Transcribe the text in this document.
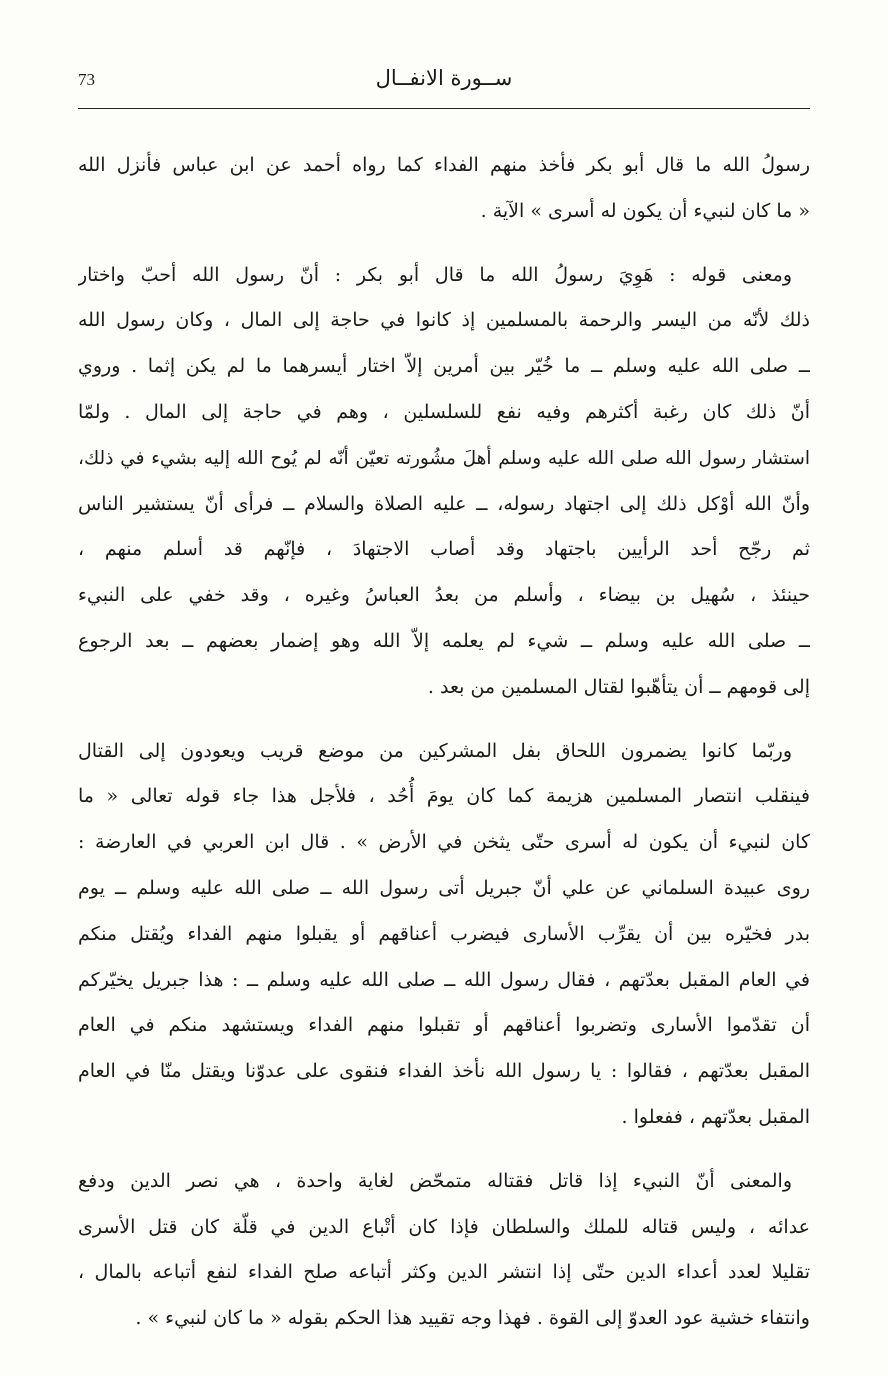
73	ســورة الانفــال
رسولُ الله ما قال أبو بكر فأخذ منهم الفداء كما رواه أحمد عن ابن عباس فأنزل الله
« ما كان لنبيء أن يكون له أسرى » الآية .
ومعنى قوله : هَوِيَ رسولُ الله ما قال أبو بكر : أنّ رسول الله أحبّ واختار
ذلك لأنّه من اليسر والرحمة بالمسلمين إذ كانوا في حاجة إلى المال ، وكان رسول الله
ــ صلى الله عليه وسلم ــ ما خُيّر بين أمرين إلاّ اختار أيسرهما ما لم يكن إثما . وروي
أنّ ذلك كان رغبة أكثرهم وفيه نفع للسلسلين ، وهم في حاجة إلى المال . ولمّا
استشار رسول الله صلى الله عليه وسلم أهلَ مشُورته تعيّن أنّه لم يُوح الله إليه بشيء في ذلك،
وأنّ الله أوْكل ذلك إلى اجتهاد رسوله، ــ عليه الصلاة والسلام ــ فرأى أنّ يستشير الناس
ثم رجّح أحد الرأيين باجتهاد وقد أصاب الاجتهادَ ، فإنّهم قد أسلم منهم ،
حينئذ ، سُهيل بن بيضاء ، وأسلم من بعدُ العباسُ وغيره ، وقد خفي على النبيء
ــ صلى الله عليه وسلم ــ شيء لم يعلمه إلاّ الله وهو إضمار بعضهم ــ بعد الرجوع
إلى قومهم ــ أن يتأهّبوا لقتال المسلمين من بعد .
وربّما كانوا يضمرون اللحاق بفل المشركين من موضع قريب ويعودون إلى القتال
فينقلب انتصار المسلمين هزيمة كما كان يومَ أُحُد ، فلأجل هذا جاء قوله تعالى « ما
كان لنبيء أن يكون له أسرى حتّى يثخن في الأرض » . قال ابن العربي في العارضة :
روى عبيدة السلماني عن علي أنّ جبريل أتى رسول الله ــ صلى الله عليه وسلم ــ يوم
بدر فخيّره بين أن يقرِّب الأسارى فيضرب أعناقهم أو يقبلوا منهم الفداء ويُقتل منكم
في العام المقبل بعدّتهم ، فقال رسول الله ــ صلى الله عليه وسلم ــ : هذا جبريل يخيّركم
أن تقدّموا الأسارى وتضربوا أعناقهم أو تقبلوا منهم الفداء ويستشهد منكم في العام
المقبل بعدّتهم ، فقالوا : يا رسول الله نأخذ الفداء فنقوى على عدوّنا ويقتل منّا في العام
المقبل بعدّتهم ، ففعلوا .
والمعنى أنّ النبيء إذا قاتل فقتاله متمحّض لغاية واحدة ، هي نصر الدين ودفع
عدائه ، وليس قتاله للملك والسلطان فإذا كان أتْباع الدين في قلّة كان قتل الأسرى
تقليلا لعدد أعداء الدين حتّى إذا انتشر الدين وكثر أتباعه صلح الفداء لنفع أتباعه بالمال ،
وانتفاء خشية عود العدوّ إلى القوة . فهذا وجه تقييد هذا الحكم بقوله « ما كان لنبيء » .
